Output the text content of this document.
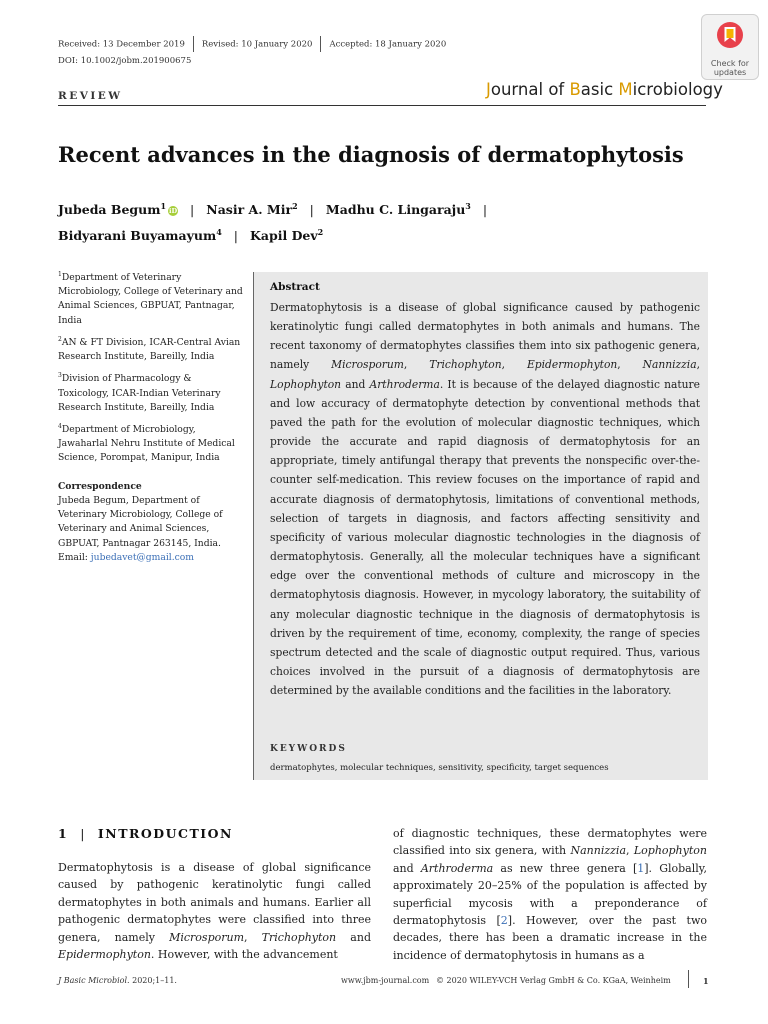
Received: 13 December 2019 Revised: 10 January 2020 Accepted: 18 January 2020
DOI: 10.1002/jobm.201900675	Check for
updates
REVIEW	Journal of Basic Microbiology
Recent advances in the diagnosis of dermatophytosis
Jubeda Begum$^1$ iD | Nasir A. Mir$^2$ | Madhu C. Lingaraju$^3$ |
Bidyarani Buyamayum$^4$ | Kapil Dev$^2$

$^1$Department of Veterinary Microbiology, College of Veterinary and Animal Sciences, GBPUAT, Pantnagar, India

$^2$AN & FT Division, ICAR-Central Avian Research Institute, Bareilly, India

$^3$Division of Pharmacology & Toxicology, ICAR-Indian Veterinary Research Institute, Bareilly, India

$^4$Department of Microbiology, Jawaharlal Nehru Institute of Medical Science, Porompat, Manipur, India

Correspondence
Jubeda Begum, Department of Veterinary Microbiology, College of Veterinary and Animal Sciences, GBPUAT, Pantnagar 263145, India.
Email: jubedavet@gmail.com
Abstract
Dermatophytosis is a disease of global significance caused by pathogenic keratinolytic fungi called dermatophytes in both animals and humans. The recent taxonomy of dermatophytes classifies them into six pathogenic genera, namely Microsporum, Trichophyton, Epidermophyton, Nannizzia, Lophophyton and Arthroderma. It is because of the delayed diagnostic nature and low accuracy of dermatophyte detection by conventional methods that paved the path for the evolution of molecular diagnostic techniques, which provide the accurate and rapid diagnosis of dermatophytosis for an appropriate, timely antifungal therapy that prevents the nonspecific over-the-counter self-medication. This review focuses on the importance of rapid and accurate diagnosis of dermatophytosis, limitations of conventional methods, selection of targets in diagnosis, and factors affecting sensitivity and specificity of various molecular diagnostic technologies in the diagnosis of dermatophytosis. Generally, all the molecular techniques have a significant edge over the conventional methods of culture and microscopy in the dermatophytosis diagnosis. However, in mycology laboratory, the suitability of any molecular diagnostic technique in the diagnosis of dermatophytosis is driven by the requirement of time, economy, complexity, the range of species spectrum detected and the scale of diagnostic output required. Thus, various choices involved in the pursuit of a diagnosis of dermatophytosis are determined by the available conditions and the facilities in the laboratory.
KEYWORDS
dermatophytes, molecular techniques, sensitivity, specificity, target sequences
1 | INTRODUCTION
Dermatophytosis is a disease of global significance caused by pathogenic keratinolytic fungi called dermatophytes in both animals and humans. Earlier all pathogenic dermatophytes were classified into three genera, namely Microsporum, Trichophyton and Epidermophyton. However, with the advancement
of diagnostic techniques, these dermatophytes were classified into six genera, with Nannizzia, Lophophyton and Arthroderma as new three genera [1]. Globally, approximately 20–25% of the population is affected by superficial mycosis with a preponderance of dermatophytosis [2]. However, over the past two decades, there has been a dramatic increase in the incidence of dermatophytosis in humans as a
J Basic Microbiol. 2020;1–11.	www.jbm-journal.com © 2020 WILEY-VCH Verlag GmbH & Co. KGaA, Weinheim	1
